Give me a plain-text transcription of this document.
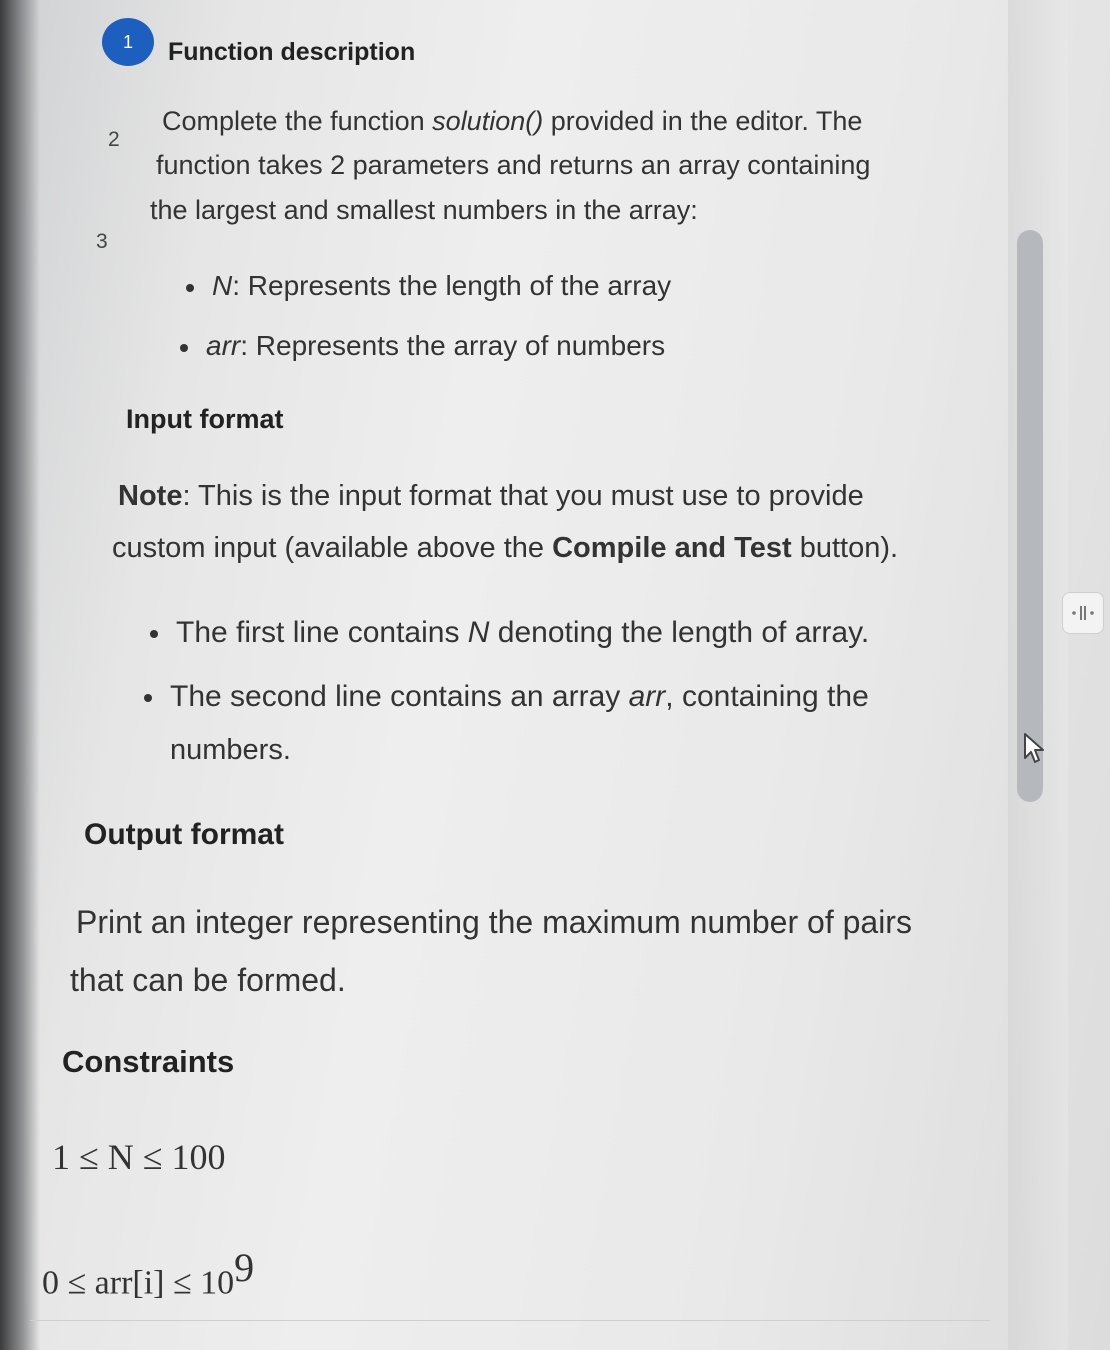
1
2
3
Function description
Complete the function solution() provided in the editor. The
function takes 2 parameters and returns an array containing
the largest and smallest numbers in the array:
N: Represents the length of the array
arr: Represents the array of numbers
Input format
Note: This is the input format that you must use to provide
custom input (available above the Compile and Test button).
The first line contains N denoting the length of array.
The second line contains an array arr, containing the
numbers.
Output format
Print an integer representing the maximum number of pairs
that can be formed.
Constraints
1 ≤ N ≤ 100
$0 \le arr[i] \le 10^9$
